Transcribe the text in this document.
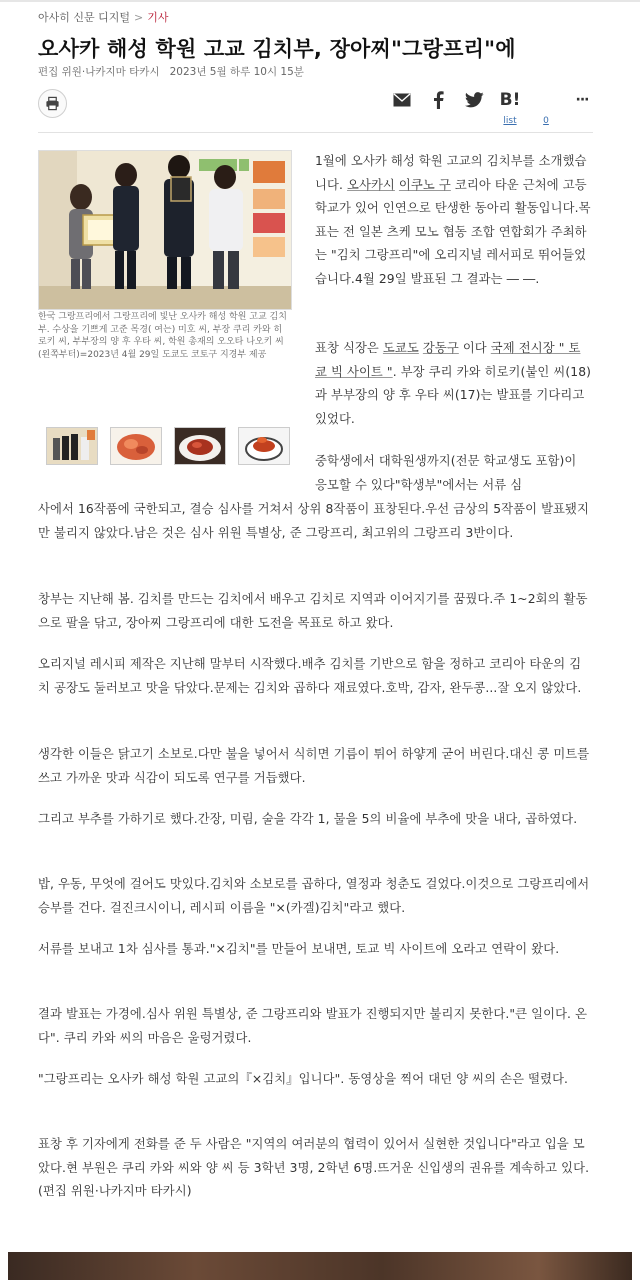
아사히 신문 디지털 > 기사
오사카 해성 학원 고교 김치부, 장아찌"그랑프리"에
편집 위원·나카지마 타카시 2023년 5월 하루 10시 15분
B!
list	0
···

한국 그랑프리에서 그랑프리에 빛난 오사카 해성 학원 고교 김치부. 수상을 기쁘게 고준 목경( 여는) 미호 씨, 부장 쿠리 카와 히로키 씨, 부부장의 양 후 우타 씨, 학원 총재의 오오타 나오키 씨(왼쪽부터)=2023년 4월 29일 도쿄도 코토구 지경부 제공

1월에 오사카 해성 학원 고교의 김치부를 소개했습니다. 오사카시 이쿠노 구 코리아 타운 근처에 고등 학교가 있어 인연으로 탄생한 동아리 활동입니다.목표는 전 일본 츠케 모노 협동 조합 연합회가 주최하는 "김치 그랑프리"에 오리지널 레서피로 뛰어들었습니다.4월 29일 발표된 그 결과는 ― ―.

표창 식장은 도쿄도 강동구 이다 국제 전시장 " 토쿄 빅 사이트 ". 부장 쿠리 카와 히로키(붙인 씨(18)과 부부장의 양 후 우타 씨(17)는 발표를 기다리고 있었다.

중학생에서 대학원생까지(전문 학교생도 포함)이 응모할 수 있다"학생부"에서는 서류 심

사에서 16작품에 국한되고, 결승 심사를 거쳐서 상위 8작품이 표창된다.우선 금상의 5작품이 발표됐지만 불리지 않았다.남은 것은 심사 위원 특별상, 준 그랑프리, 최고위의 그랑프리 3반이다.

창부는 지난해 봄. 김치를 만드는 김치에서 배우고 김치로 지역과 이어지기를 꿈꿨다.주 1~2회의 활동으로 팔을 닦고, 장아찌 그랑프리에 대한 도전을 목표로 하고 왔다.

오리지널 레시피 제작은 지난해 말부터 시작했다.배추 김치를 기반으로 함을 정하고 코리아 타운의 김치 공장도 둘러보고 맛을 닦았다.문제는 김치와 곱하다 재료였다.호박, 감자, 완두콩...잘 오지 않았다.

생각한 이들은 닭고기 소보로.다만 불을 넣어서 식히면 기름이 튀어 하얗게 굳어 버린다.대신 콩 미트를 쓰고 가까운 맛과 식감이 되도록 연구를 거듭했다.

그리고 부추를 가하기로 했다.간장, 미림, 술을 각각 1, 물을 5의 비율에 부추에 맛을 내다, 곱하였다.

밥, 우동, 무엇에 걸어도 맛있다.김치와 소보로를 곱하다, 열정과 청춘도 걸었다.이것으로 그랑프리에서 승부를 건다. 걸진크시이니, 레시피 이름을 "×(카겔)김치"라고 했다.

서류를 보내고 1차 심사를 통과."×김치"를 만들어 보내면, 토교 빅 사이트에 오라고 연락이 왔다.

결과 발표는 가경에.심사 위원 특별상, 준 그랑프리와 발표가 진행되지만 불리지 못한다."큰 일이다. 온다". 쿠리 카와 씨의 마음은 울렁거렸다.

"그랑프리는 오사카 해성 학원 고교의『×김치』입니다". 동영상을 찍어 대던 양 씨의 손은 떨렸다.

표창 후 기자에게 전화를 준 두 사람은 "지역의 여러분의 협력이 있어서 실현한 것입니다"라고 입을 모았다.현 부원은 쿠리 카와 씨와 양 씨 등 3학년 3명, 2학년 6명.뜨거운 신입생의 권유를 계속하고 있다.(편집 위원·나카지마 타카시)
